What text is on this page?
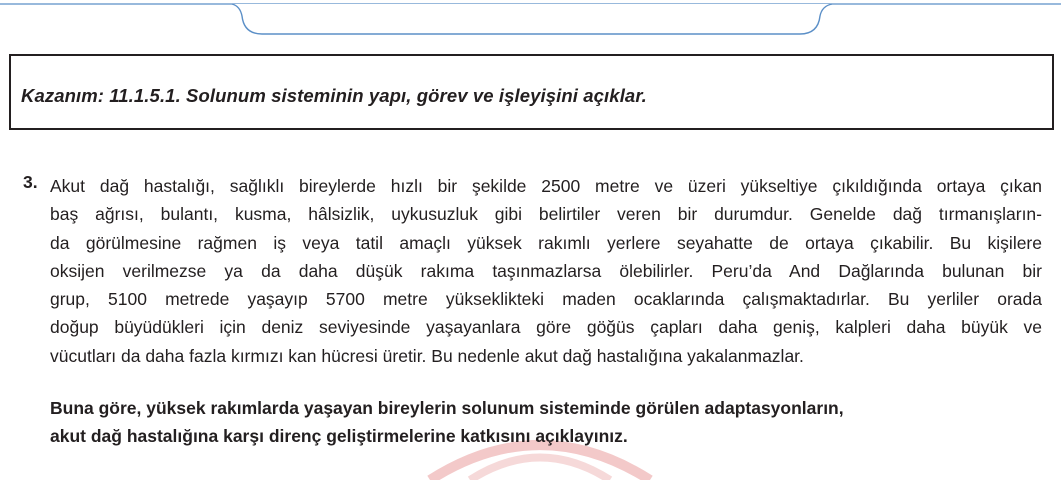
Kazanım: 11.1.5.1. Solunum sisteminin yapı, görev ve işleyişini açıklar.
3. Akut dağ hastalığı, sağlıklı bireylerde hızlı bir şekilde 2500 metre ve üzeri yükseltiye çıkıldığında ortaya çıkan
baş ağrısı, bulantı, kusma, hâlsizlik, uykusuzluk gibi belirtiler veren bir durumdur. Genelde dağ tırmanışların-
da görülmesine rağmen iş veya tatil amaçlı yüksek rakımlı yerlere seyahatte de ortaya çıkabilir. Bu kişilere
oksijen verilmezse ya da daha düşük rakıma taşınmazlarsa ölebilirler. Peru’da And Dağlarında bulunan bir
grup, 5100 metrede yaşayıp 5700 metre yükseklikteki maden ocaklarında çalışmaktadırlar. Bu yerliler orada
doğup büyüdükleri için deniz seviyesinde yaşayanlara göre göğüs çapları daha geniş, kalpleri daha büyük ve
vücutları da daha fazla kırmızı kan hücresi üretir. Bu nedenle akut dağ hastalığına yakalanmazlar.
Buna göre, yüksek rakımlarda yaşayan bireylerin solunum sisteminde görülen adaptasyonların,
akut dağ hastalığına karşı direnç geliştirmelerine katkısını açıklayınız.
